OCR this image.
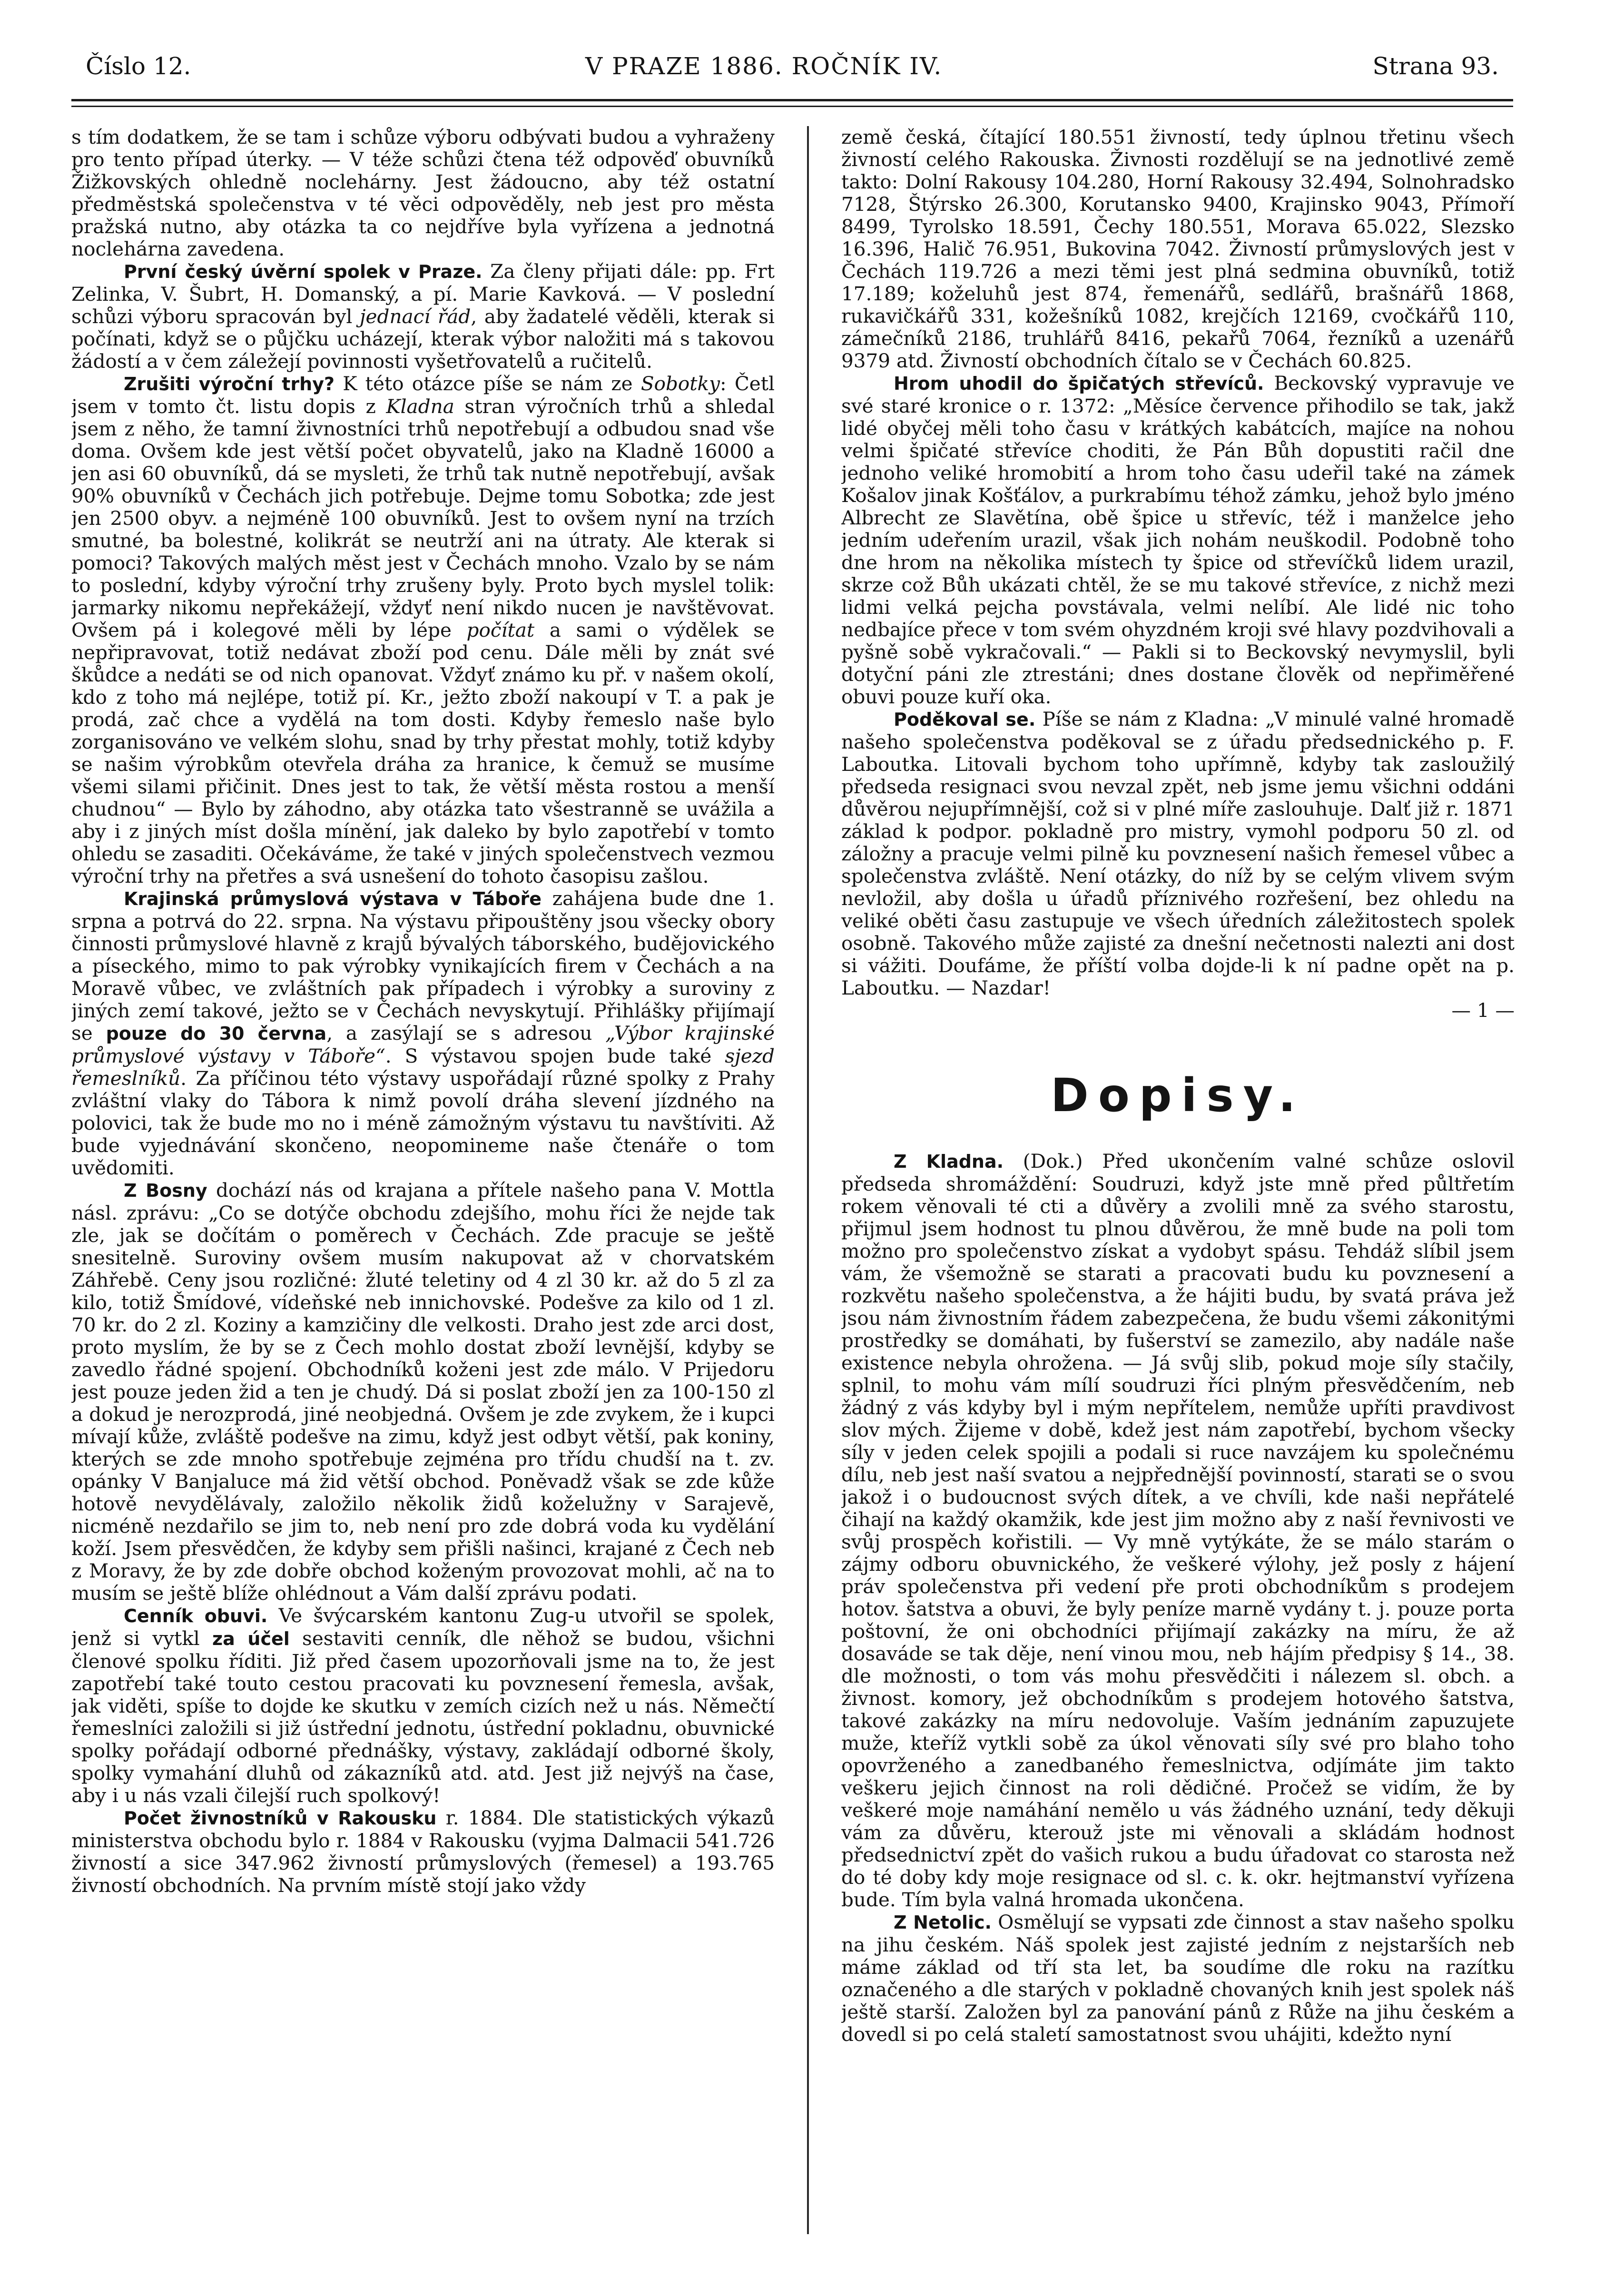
Číslo 12.	V PRAZE 1886. ROČNÍK IV.	Strana 93.

s tím dodatkem, že se tam i schůze výboru odbývati budou a vyhraženy pro tento případ úterky. — V téže schůzi čtena též odpověď obuvníků Žižkovských ohledně noclehárny. Jest žádoucno, aby též ostatní předměstská společenstva v té věci odpověděly, neb jest pro města pražská nutno, aby otázka ta co nejdříve byla vyřízena a jednotná noclehárna zavedena.

První český úvěrní spolek v Praze. Za členy přijati dále: pp. Frt Zelinka, V. Šubrt, H. Domanský, a pí. Marie Kavková. — V poslední schůzi výboru spracován byl jednací řád, aby žadatelé věděli, kterak si počínati, když se o půjčku ucházejí, kterak výbor naložiti má s takovou žádostí a v čem záležejí povinnosti vyšetřovatelů a ručitelů.

Zrušiti výroční trhy? K této otázce píše se nám ze Sobotky: Četl jsem v tomto čt. listu dopis z Kladna stran výročních trhů a shledal jsem z něho, že tamní živnostníci trhů nepotřebují a odbudou snad vše doma. Ovšem kde jest větší počet obyvatelů, jako na Kladně 16000 a jen asi 60 obuvníků, dá se mysleti, že trhů tak nutně nepotřebují, avšak 90% obuvníků v Čechách jich potřebuje. Dejme tomu Sobotka; zde jest jen 2500 obyv. a nejméně 100 obuvníků. Jest to ovšem nyní na trzích smutné, ba bolestné, kolikrát se neutrží ani na útraty. Ale kterak si pomoci? Takových malých měst jest v Čechách mnoho. Vzalo by se nám to poslední, kdyby výroční trhy zrušeny byly. Proto bych myslel tolik: jarmarky nikomu nepřekážejí, vždyť není nikdo nucen je navštěvovat. Ovšem pá i kolegové měli by lépe počítat a sami o výdělek se nepřipravovat, totiž nedávat zboží pod cenu. Dále měli by znát své škůdce a nedáti se od nich opanovat. Vždyť známo ku př. v našem okolí, kdo z toho má nejlépe, totiž pí. Kr., ježto zboží nakoupí v T. a pak je prodá, zač chce a vydělá na tom dosti. Kdyby řemeslo naše bylo zorganisováno ve velkém slohu, snad by trhy přestat mohly, totiž kdyby se našim výrobkům otevřela dráha za hranice, k čemuž se musíme všemi silami přičinit. Dnes jest to tak, že větší města rostou a menší chudnou“ — Bylo by záhodno, aby otázka tato všestranně se uvážila a aby i z jiných míst došla mínění, jak daleko by bylo zapotřebí v tomto ohledu se zasaditi. Očekáváme, že také v jiných společenstvech vezmou výroční trhy na přetřes a svá usnešení do tohoto časopisu zašlou.

Krajinská průmyslová výstava v Táboře zahájena bude dne 1. srpna a potrvá do 22. srpna. Na výstavu připouštěny jsou všecky obory činnosti průmyslové hlavně z krajů bývalých táborského, budějovického a píseckého, mimo to pak výrobky vynikajících firem v Čechách a na Moravě vůbec, ve zvláštních pak případech i výrobky a suroviny z jiných zemí takové, ježto se v Čechách nevyskytují. Přihlášky přijímají se pouze do 30 června, a zasýlají se s adresou „Výbor krajinské průmyslové výstavy v Táboře“. S výstavou spojen bude také sjezd řemeslníků. Za příčinou této výstavy uspořádají různé spolky z Prahy zvláštní vlaky do Tábora k nimž povolí dráha slevení jízdného na polovici, tak že bude mo no i méně zámožným výstavu tu navštíviti. Až bude vyjednávání skončeno, neopomineme naše čtenáře o tom uvědomiti.

Z Bosny dochází nás od krajana a přítele našeho pana V. Mottla násl. zprávu: „Co se dotýče obchodu zdejšího, mohu říci že nejde tak zle, jak se dočítám o poměrech v Čechách. Zde pracuje se ještě snesitelně. Suroviny ovšem musím nakupovat až v chorvatském Záhřebě. Ceny jsou rozličné: žluté teletiny od 4 zl 30 kr. až do 5 zl za kilo, totiž Šmídové, vídeňské neb innichovské. Podešve za kilo od 1 zl. 70 kr. do 2 zl. Koziny a kamzičiny dle velkosti. Draho jest zde arci dost, proto myslím, že by se z Čech mohlo dostat zboží levnější, kdyby se zavedlo řádné spojení. Obchodníků koženi jest zde málo. V Prijedoru jest pouze jeden žid a ten je chudý. Dá si poslat zboží jen za 100-150 zl a dokud je nerozprodá, jiné neobjedná. Ovšem je zde zvykem, že i kupci mívají kůže, zvláště podešve na zimu, když jest odbyt větší, pak koniny, kterých se zde mnoho spotřebuje zejména pro třídu chudší na t. zv. opánky V Banjaluce má žid větší obchod. Poněvadž však se zde kůže hotově nevydělávaly, založilo několik židů koželužny v Sarajevě, nicméně nezdařilo se jim to, neb není pro zde dobrá voda ku vydělání koží. Jsem přesvědčen, že kdyby sem přišli našinci, krajané z Čech neb z Moravy, že by zde dobře obchod koženým provozovat mohli, ač na to musím se ještě blíže ohlédnout a Vám další zprávu podati.

Cenník obuvi. Ve švýcarském kantonu Zug-u utvořil se spolek, jenž si vytkl za účel sestaviti cenník, dle něhož se budou, všichni členové spolku říditi. Již před časem upozorňovali jsme na to, že jest zapotřebí také touto cestou pracovati ku povznesení řemesla, avšak, jak viděti, spíše to dojde ke skutku v zemích cizích než u nás. Němečtí řemeslníci založili si již ústřední jednotu, ústřední pokladnu, obuvnické spolky pořádají odborné přednášky, výstavy, zakládají odborné školy, spolky vymahání dluhů od zákazníků atd. atd. Jest již nejvýš na čase, aby i u nás vzali čilejší ruch spolkový!

Počet živnostníků v Rakousku r. 1884. Dle statistických výkazů ministerstva obchodu bylo r. 1884 v Rakousku (vyjma Dalmacii 541.726 živností a sice 347.962 živností průmyslových (řemesel) a 193.765 živností obchodních. Na prvním místě stojí jako vždy

země česká, čítající 180.551 živností, tedy úplnou třetinu všech živností celého Rakouska. Živnosti rozdělují se na jednotlivé země takto: Dolní Rakousy 104.280, Horní Rakousy 32.494, Solnohradsko 7128, Štýrsko 26.300, Korutansko 9400, Krajinsko 9043, Přímoří 8499, Tyrolsko 18.591, Čechy 180.551, Morava 65.022, Slezsko 16.396, Halič 76.951, Bukovina 7042. Živností průmyslových jest v Čechách 119.726 a mezi těmi jest plná sedmina obuvníků, totiž 17.189; koželuhů jest 874, řemenářů, sedlářů, brašnářů 1868, rukavičkářů 331, kožešníků 1082, krejčích 12169, cvočkářů 110, zámečníků 2186, truhlářů 8416, pekařů 7064, řezníků a uzenářů 9379 atd. Živností obchodních čítalo se v Čechách 60.825.

Hrom uhodil do špičatých střevíců. Beckovský vypravuje ve své staré kronice o r. 1372: „Měsíce července přihodilo se tak, jakž lidé obyčej měli toho času v krátkých kabátcích, majíce na nohou velmi špičaté střevíce choditi, že Pán Bůh dopustiti račil dne jednoho veliké hromobití a hrom toho času udeřil také na zámek Košalov jinak Košťálov, a purkrabímu téhož zámku, jehož bylo jméno Albrecht ze Slavětína, obě špice u střevíc, též i manželce jeho jedním udeřením urazil, však jich nohám neuškodil. Podobně toho dne hrom na několika místech ty špice od střevíčků lidem urazil, skrze což Bůh ukázati chtěl, že se mu takové střevíce, z nichž mezi lidmi velká pejcha povstávala, velmi nelíbí. Ale lidé nic toho nedbajíce přece v tom svém ohyzdném kroji své hlavy pozdvihovali a pyšně sobě vykračovali.“ — Pakli si to Beckovský nevymyslil, byli dotyční páni zle ztrestáni; dnes dostane člověk od nepřiměřené obuvi pouze kuří oka.

Poděkoval se. Píše se nám z Kladna: „V minulé valné hromadě našeho společenstva poděkoval se z úřadu předsednického p. F. Laboutka. Litovali bychom toho upřímně, kdyby tak zasloužilý předseda resignaci svou nevzal zpět, neb jsme jemu všichni oddáni důvěrou nejupřímnější, což si v plné míře zaslouhuje. Dalť již r. 1871 základ k podpor. pokladně pro mistry, vymohl podporu 50 zl. od záložny a pracuje velmi pilně ku povznesení našich řemesel vůbec a společenstva zvláště. Není otázky, do níž by se celým vlivem svým nevložil, aby došla u úřadů příznivého rozřešení, bez ohledu na veliké oběti času zastupuje ve všech úředních záležitostech spolek osobně. Takového může zajisté za dnešní nečetnosti nalezti ani dost si vážiti. Doufáme, že příští volba dojde-li k ní padne opět na p. Laboutku. — Nazdar!

— 1 —

Dopisy.

Z Kladna. (Dok.) Před ukončením valné schůze oslovil předseda shromáždění: Soudruzi, když jste mně před půltřetím rokem věnovali té cti a důvěry a zvolili mně za svého starostu, přijmul jsem hodnost tu plnou důvěrou, že mně bude na poli tom možno pro společenstvo získat a vydobyt spásu. Tehdáž slíbil jsem vám, že všemožně se starati a pracovati budu ku povznesení a rozkvětu našeho společenstva, a že hájiti budu, by svatá práva jež jsou nám živnostním řádem zabezpečena, že budu všemi zákonitými prostředky se domáhati, by fušerství se zamezilo, aby nadále naše existence nebyla ohrožena. — Já svůj slib, pokud moje síly stačily, splnil, to mohu vám mílí soudruzi říci plným přesvědčením, neb žádný z vás kdyby byl i mým nepřítelem, nemůže upříti pravdivost slov mých. Žijeme v době, kdež jest nám zapotřebí, bychom všecky síly v jeden celek spojili a podali si ruce navzájem ku společnému dílu, neb jest naší svatou a nejpřednější povinností, starati se o svou jakož i o budoucnost svých dítek, a ve chvíli, kde naši nepřátelé čihají na každý okamžik, kde jest jim možno aby z naší řevnivosti ve svůj prospěch kořistili. — Vy mně vytýkáte, že se málo starám o zájmy odboru obuvnického, že veškeré výlohy, jež posly z hájení práv společenstva při vedení pře proti obchodníkům s prodejem hotov. šatstva a obuvi, že byly peníze marně vydány t. j. pouze porta poštovní, že oni obchodníci přijímají zakázky na míru, že až dosaváde se tak děje, není vinou mou, neb hájím předpisy § 14., 38. dle možnosti, o tom vás mohu přesvědčiti i nálezem sl. obch. a živnost. komory, jež obchodníkům s prodejem hotového šatstva, takové zakázky na míru nedovoluje. Vaším jednáním zapuzujete muže, kteříž vytkli sobě za úkol věnovati síly své pro blaho toho opovrženého a zanedbaného řemeslnictva, odjímáte jim takto veškeru jejich činnost na roli dědičné. Pročež se vidím, že by veškeré moje namáhání nemělo u vás žádného uznání, tedy děkuji vám za důvěru, kterouž jste mi věnovali a skládám hodnost předsednictví zpět do vašich rukou a budu úřadovat co starosta než do té doby kdy moje resignace od sl. c. k. okr. hejtmanství vyřízena bude. Tím byla valná hromada ukončena.

Z Netolic. Osmělují se vypsati zde činnost a stav našeho spolku na jihu českém. Náš spolek jest zajisté jedním z nejstarších neb máme základ od tří sta let, ba soudíme dle roku na razítku označeného a dle starých v pokladně chovaných knih jest spolek náš ještě starší. Založen byl za panování pánů z Růže na jihu českém a dovedl si po celá staletí samostatnost svou uhájiti, kdežto nyní
